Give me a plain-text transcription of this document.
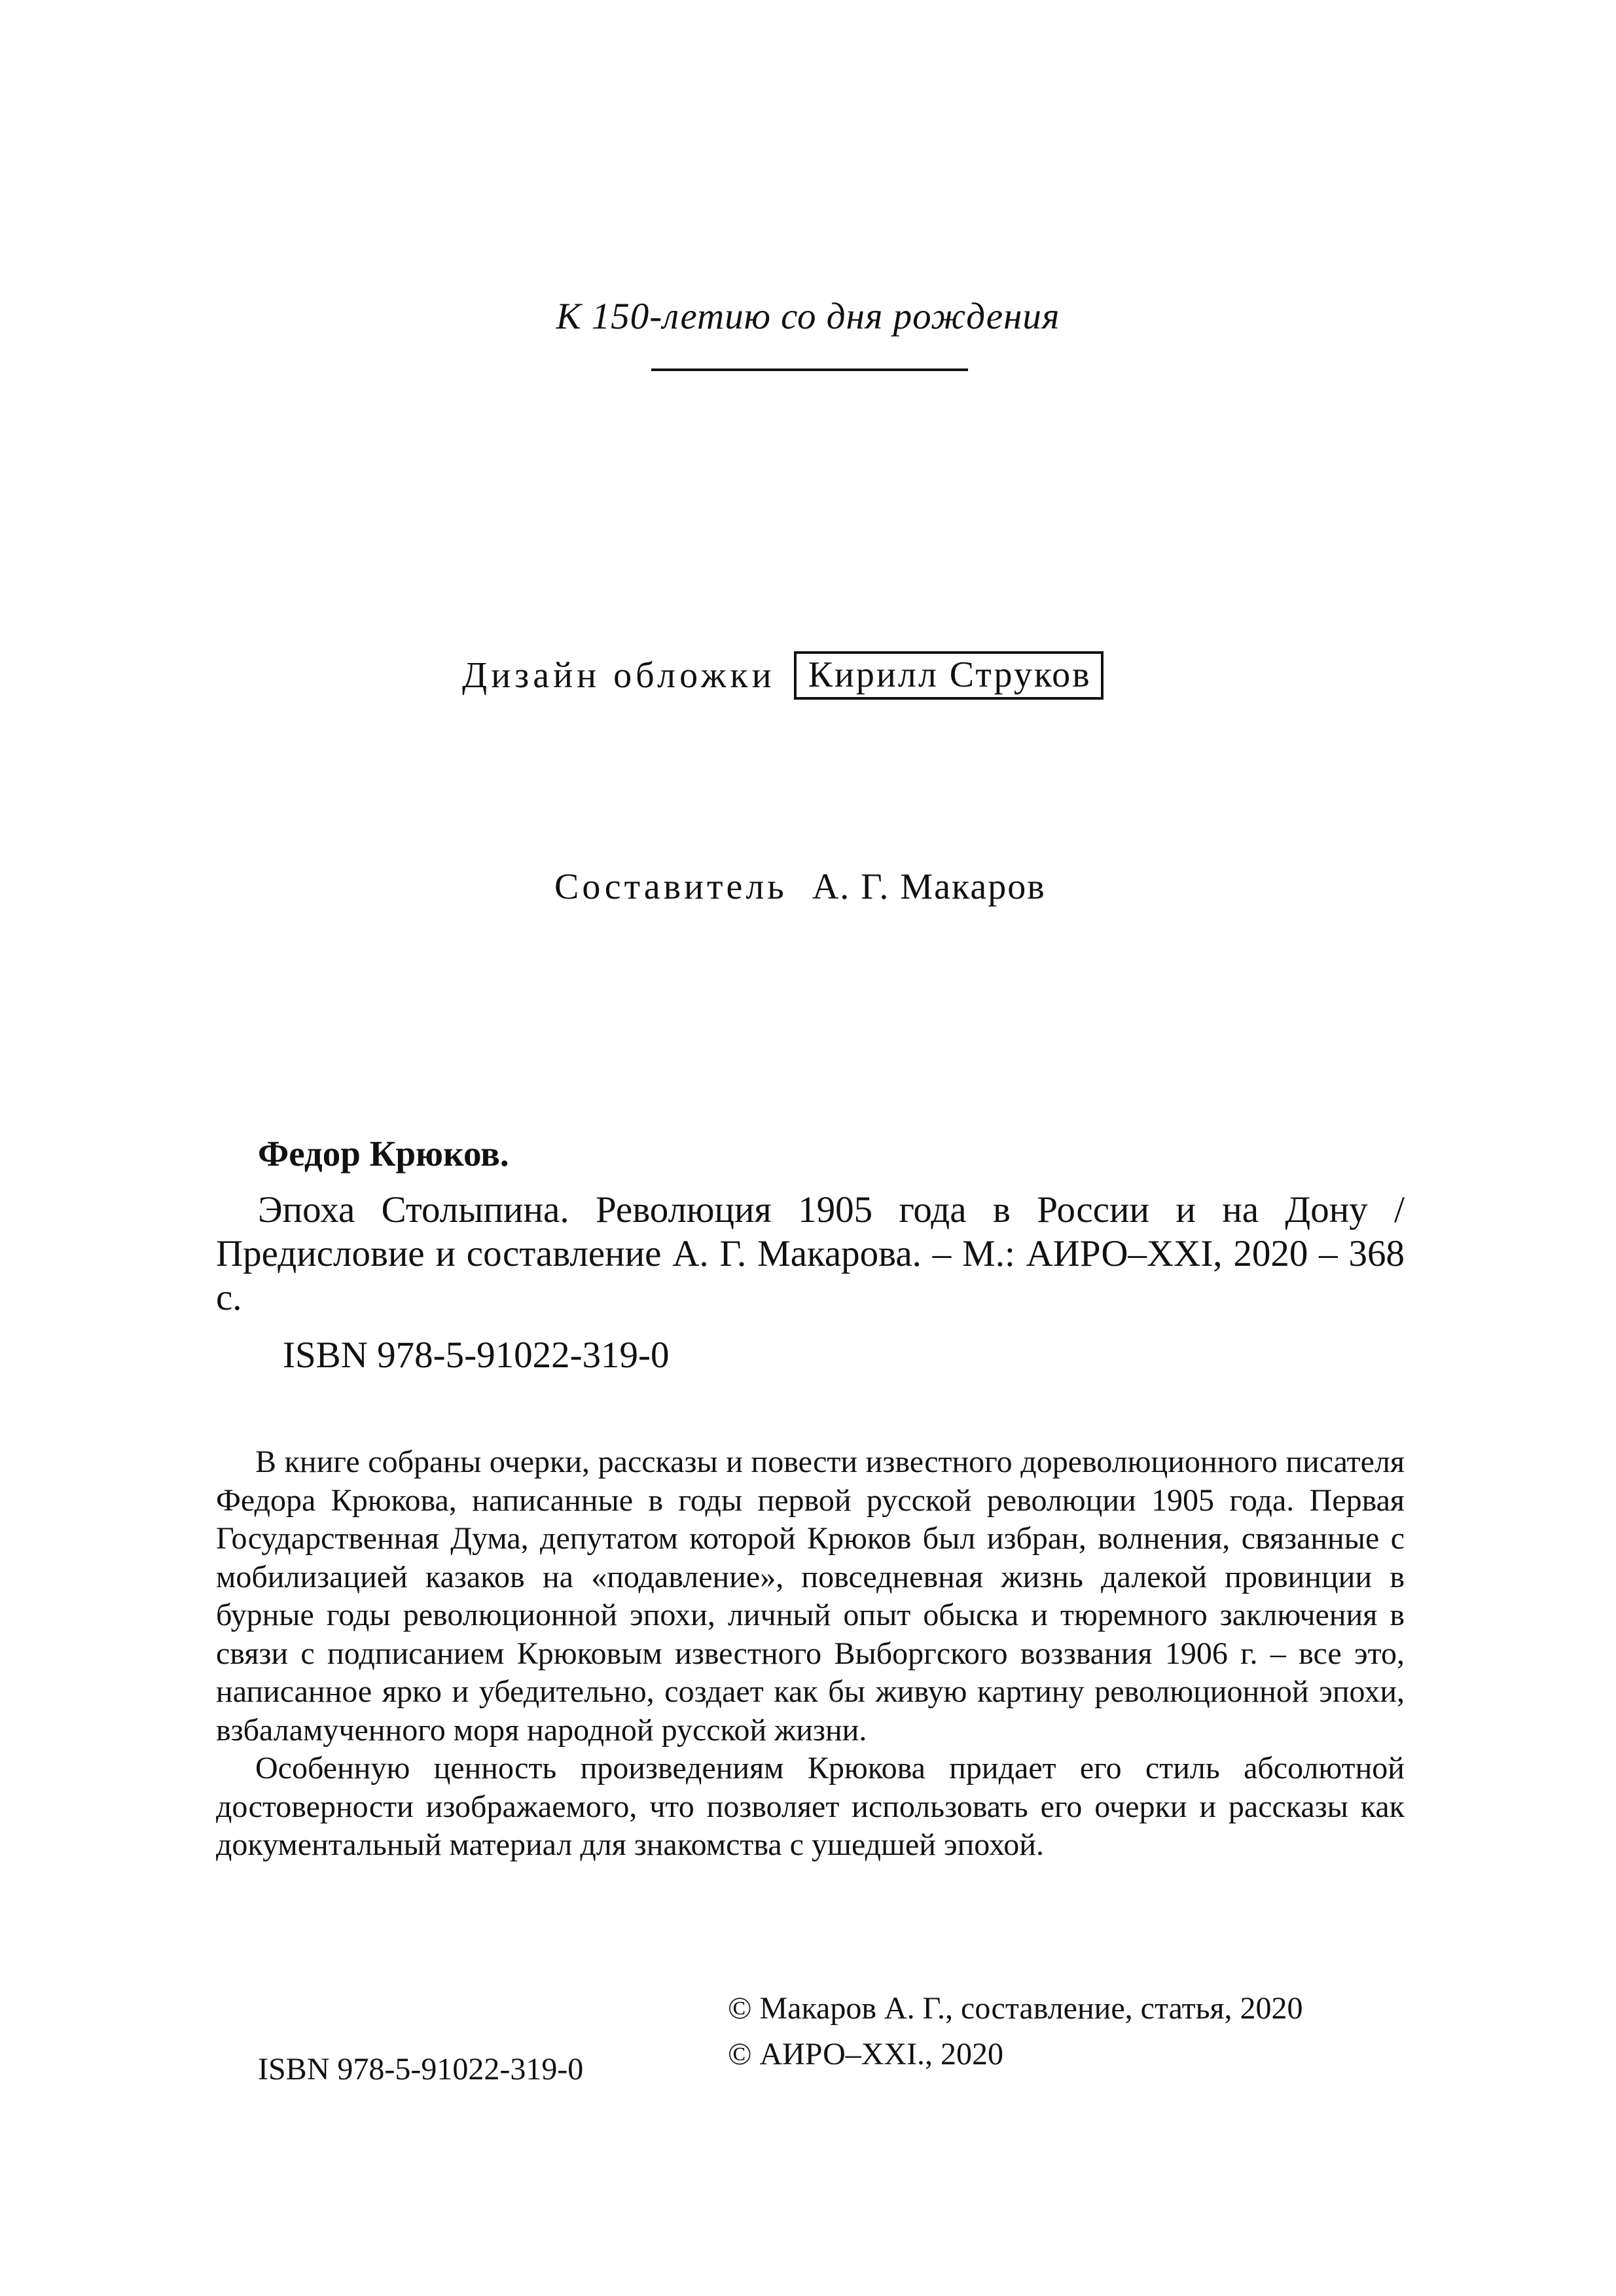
К 150-летию со дня рождения
Дизайн обложки Кирилл Струков
Составитель А. Г. Макаров
Федор Крюков.
Эпоха Столыпина. Революция 1905 года в России и на Дону / Предисловие и составление А. Г. Макарова. – М.: АИРО–XXI, 2020 – 368 с.
ISBN 978-5-91022-319-0

В книге собраны очерки, рассказы и повести известного дореволюционного писателя Федора Крюкова, написанные в годы первой русской революции 1905 года. Первая Государственная Дума, депутатом которой Крюков был избран, волнения, связанные с мобилизацией казаков на «подавление», повседневная жизнь далекой провинции в бурные годы революционной эпохи, личный опыт обыска и тюремного заключения в связи с подписанием Крюковым известного Выборгского воззвания 1906 г. – все это, написанное ярко и убедительно, создает как бы живую картину революционной эпохи, взбаламученного моря народной русской жизни.

Особенную ценность произведениям Крюкова придает его стиль абсолютной достоверности изображаемого, что позволяет использовать его очерки и рассказы как документальный материал для знакомства с ушедшей эпохой.

ISBN 978-5-91022-319-0
© Макаров А. Г., составление, статья, 2020
© АИРО–XXI., 2020
